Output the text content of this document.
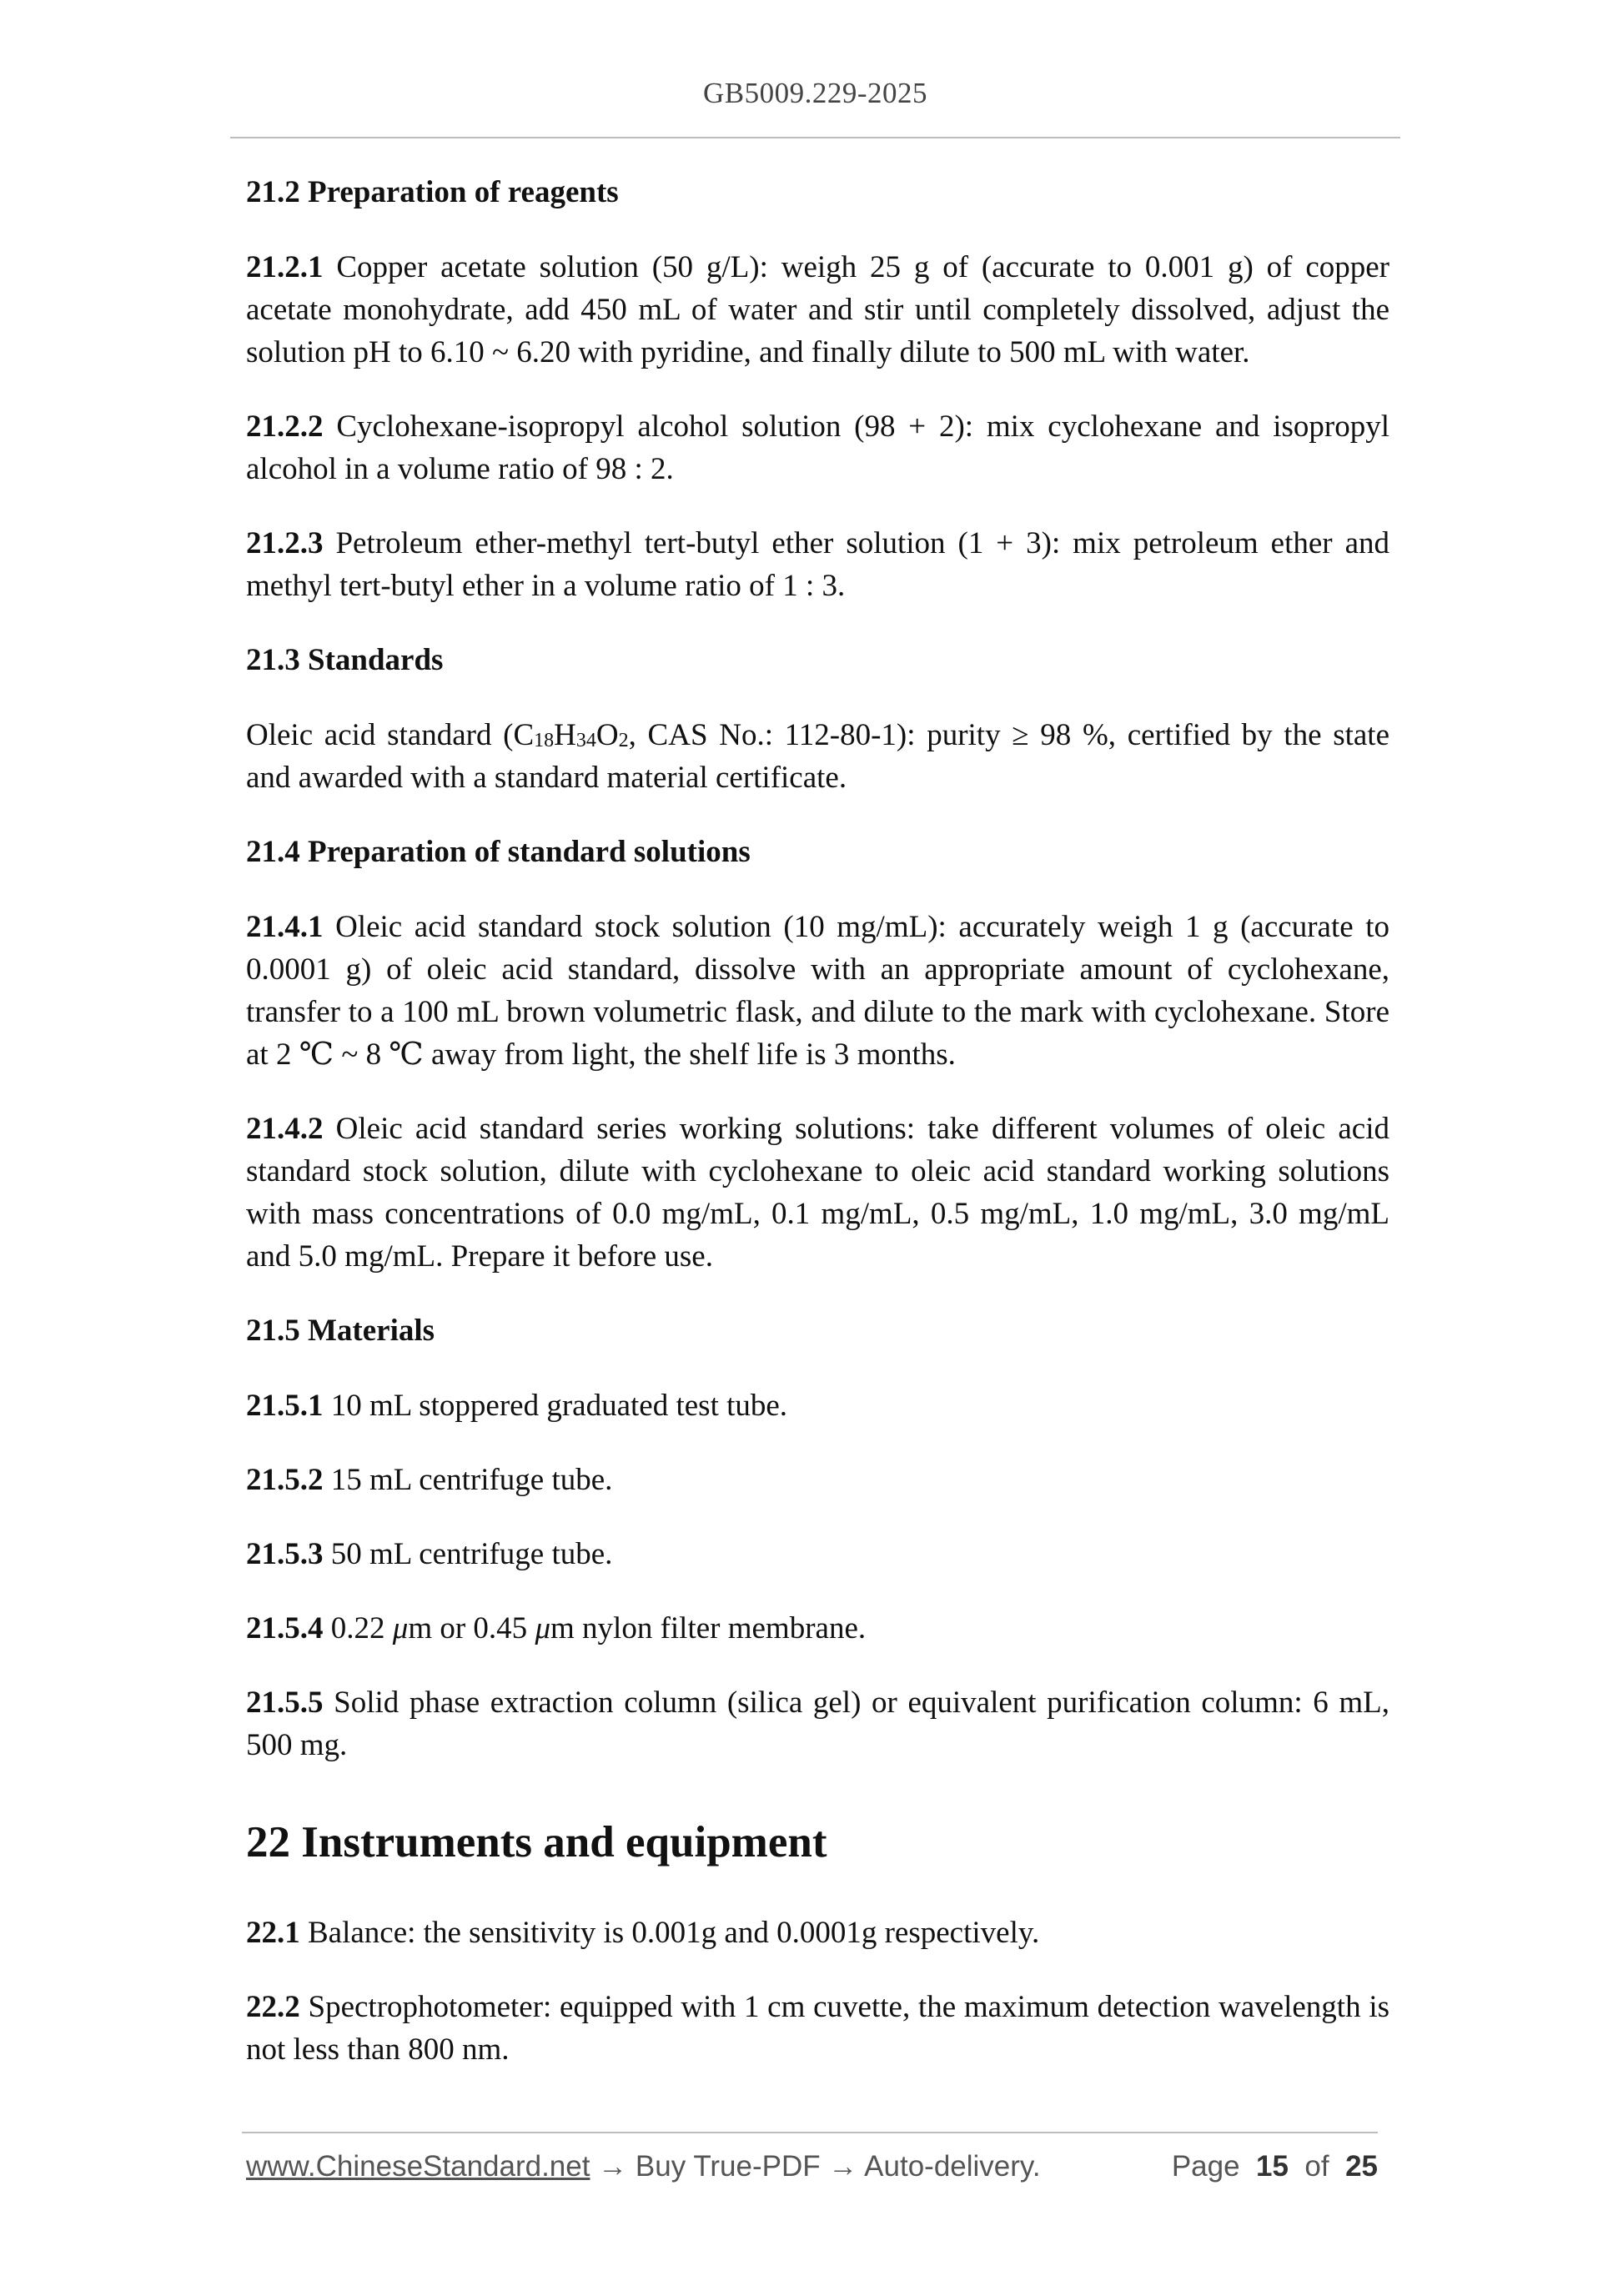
GB5009.229-2025
21.2 Preparation of reagents

21.2.1 Copper acetate solution (50 g/L): weigh 25 g of (accurate to 0.001 g) of copper acetate monohydrate, add 450 mL of water and stir until completely dissolved, adjust the solution pH to 6.10 ~ 6.20 with pyridine, and finally dilute to 500 mL with water.

21.2.2 Cyclohexane-isopropyl alcohol solution (98 + 2): mix cyclohexane and isopropyl alcohol in a volume ratio of 98 : 2.

21.2.3 Petroleum ether-methyl tert-butyl ether solution (1 + 3): mix petroleum ether and methyl tert-butyl ether in a volume ratio of 1 : 3.

21.3 Standards

Oleic acid standard ($C_{18}H_{34}O_2$, CAS No.: 112-80-1): purity ≥ 98 %, certified by the state and awarded with a standard material certificate.

21.4 Preparation of standard solutions

21.4.1 Oleic acid standard stock solution (10 mg/mL): accurately weigh 1 g (accurate to 0.0001 g) of oleic acid standard, dissolve with an appropriate amount of cyclohexane, transfer to a 100 mL brown volumetric flask, and dilute to the mark with cyclohexane. Store at 2 ℃ ~ 8 ℃ away from light, the shelf life is 3 months.

21.4.2 Oleic acid standard series working solutions: take different volumes of oleic acid standard stock solution, dilute with cyclohexane to oleic acid standard working solutions with mass concentrations of 0.0 mg/mL, 0.1 mg/mL, 0.5 mg/mL, 1.0 mg/mL, 3.0 mg/mL and 5.0 mg/mL. Prepare it before use.

21.5 Materials

21.5.1 10 mL stoppered graduated test tube.

21.5.2 15 mL centrifuge tube.

21.5.3 50 mL centrifuge tube.

21.5.4 0.22 μm or 0.45 μm nylon filter membrane.

21.5.5 Solid phase extraction column (silica gel) or equivalent purification column: 6 mL, 500 mg.

22 Instruments and equipment

22.1 Balance: the sensitivity is 0.001g and 0.0001g respectively.

22.2 Spectrophotometer: equipped with 1 cm cuvette, the maximum detection wavelength is not less than 800 nm.

www.ChineseStandard.net → Buy True-PDF → Auto-delivery.	Page 15 of 25
